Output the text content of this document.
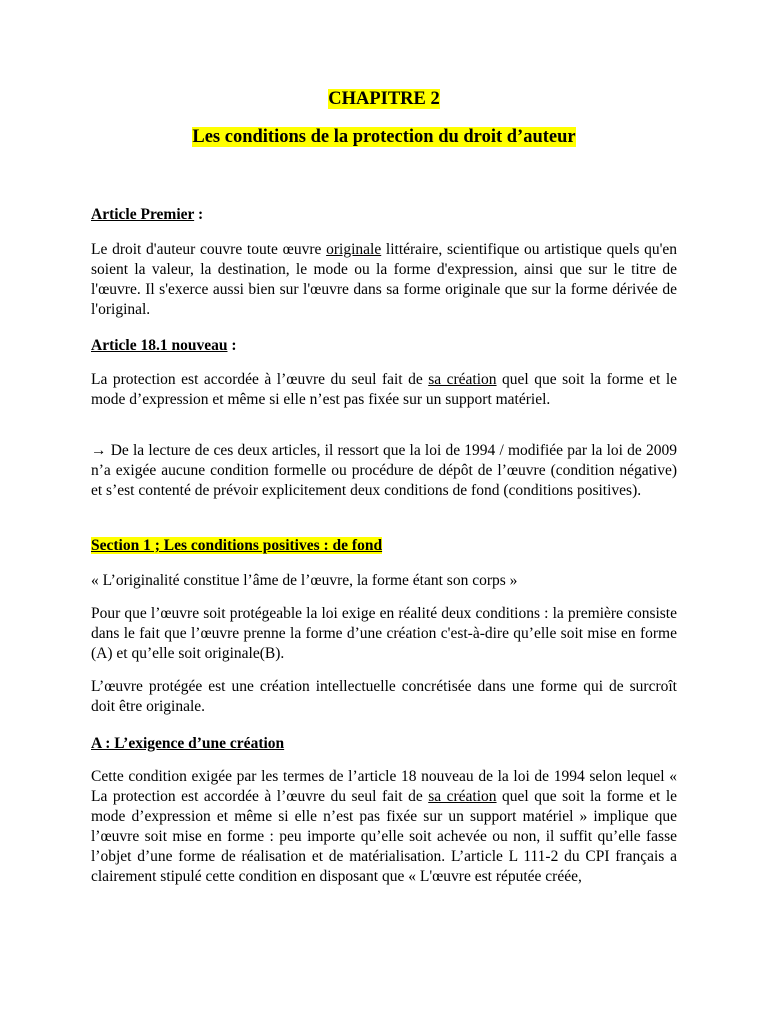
CHAPITRE 2

Les conditions de la protection du droit d’auteur

Article Premier :

Le droit d'auteur couvre toute œuvre originale littéraire, scientifique ou artistique quels qu'en soient la valeur, la destination, le mode ou la forme d'expression, ainsi que sur le titre de l'œuvre. Il s'exerce aussi bien sur l'œuvre dans sa forme originale que sur la forme dérivée de l'original.

Article 18.1 nouveau :

La protection est accordée à l’œuvre du seul fait de sa création quel que soit la forme et le mode d’expression et même si elle n’est pas fixée sur un support matériel.

→ De la lecture de ces deux articles, il ressort que la loi de 1994 / modifiée par la loi de 2009 n’a exigée aucune condition formelle ou procédure de dépôt de l’œuvre (condition négative) et s’est contenté de prévoir explicitement deux conditions de fond (conditions positives).

Section 1 ; Les conditions positives : de fond

« L’originalité constitue l’âme de l’œuvre, la forme étant son corps »

Pour que l’œuvre soit protégeable la loi exige en réalité deux conditions : la première consiste dans le fait que l’œuvre prenne la forme d’une création c'est-à-dire qu’elle soit mise en forme (A) et qu’elle soit originale(B).

L’œuvre protégée est une création intellectuelle concrétisée dans une forme qui de surcroît doit être originale.

A : L’exigence d’une création

Cette condition exigée par les termes de l’article 18 nouveau de la loi de 1994 selon lequel « La protection est accordée à l’œuvre du seul fait de sa création quel que soit la forme et le mode d’expression et même si elle n’est pas fixée sur un support matériel » implique que l’œuvre soit mise en forme : peu importe qu’elle soit achevée ou non, il suffit qu’elle fasse l’objet d’une forme de réalisation et de matérialisation. L’article L 111-2 du CPI français a clairement stipulé cette condition en disposant que « L'œuvre est réputée créée,
